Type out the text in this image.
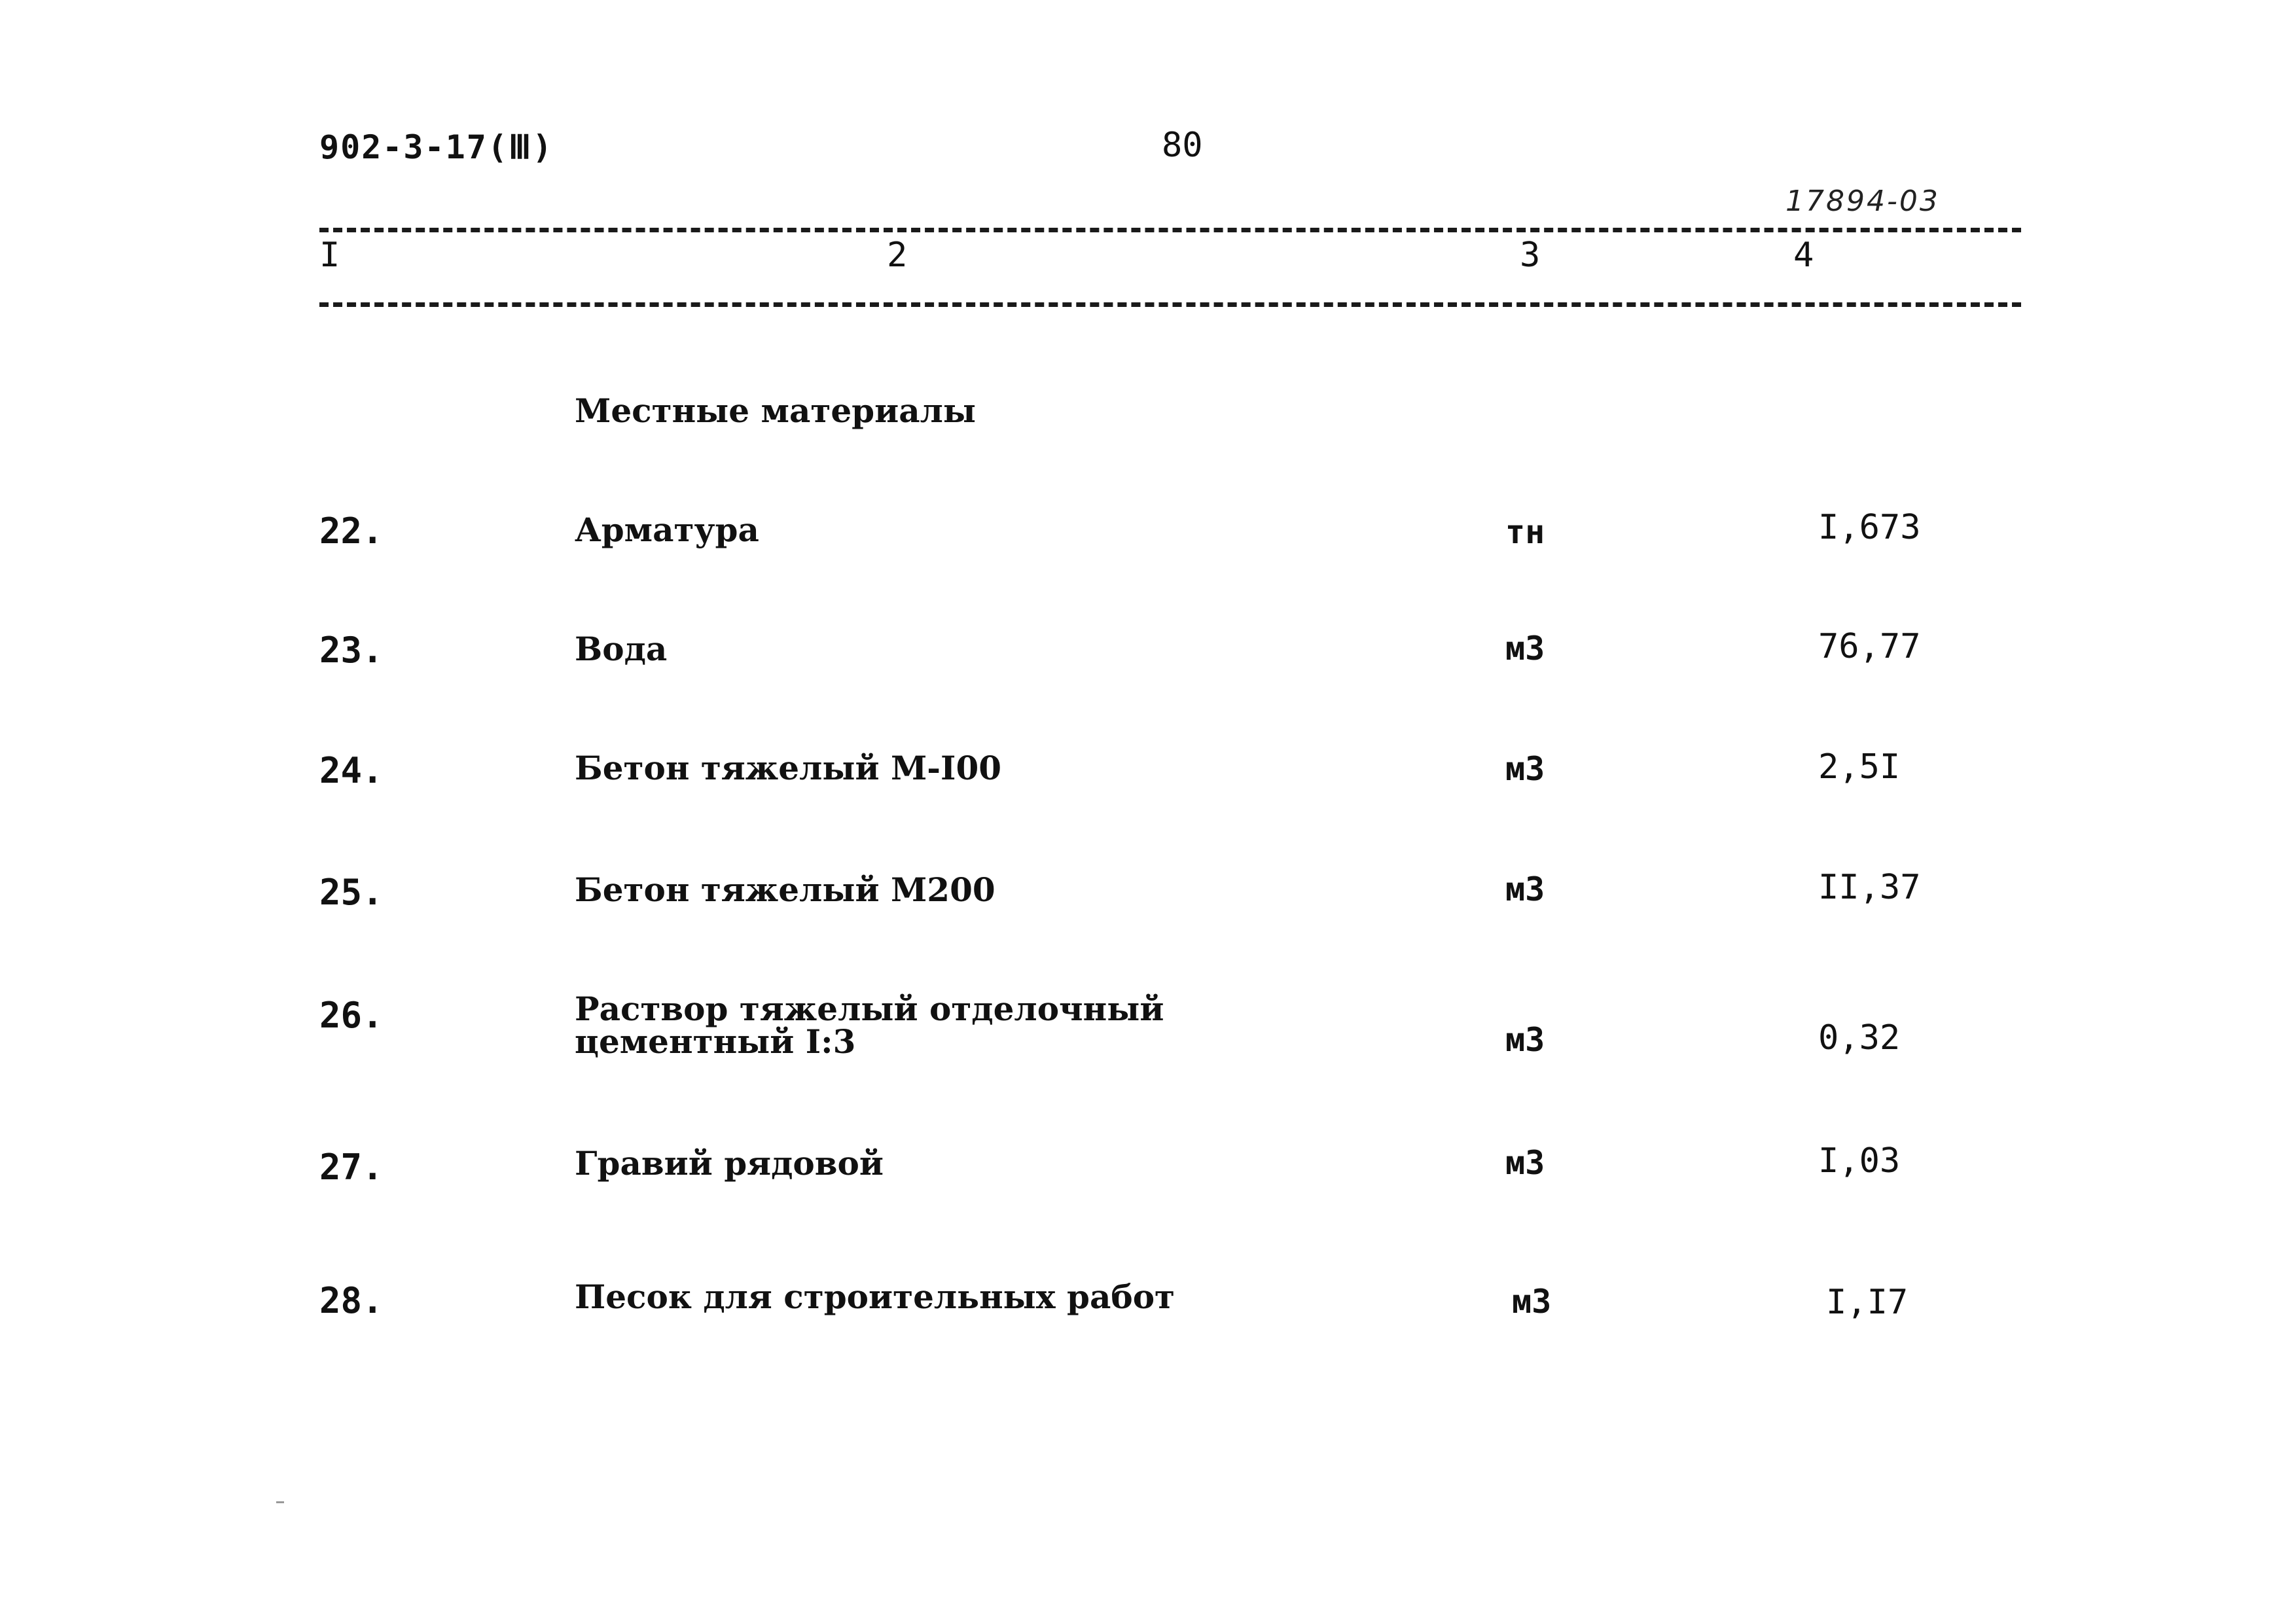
902-3-17(Ⅲ)	80
17894-03
I	2	3	4
Местные материалы
22.	Арматура	тн	I,673
23.	Вода	м3	76,77
24.	Бетон тяжелый М-I00	м3	2,5I
25.	Бетон тяжелый М200	м3	II,37
26.	Раствор тяжелый отделочный
цементный I:3	м3	0,32
27.	Гравий рядовой	м3	I,03
28.	Песок для строительных работ	м3	I,I7
